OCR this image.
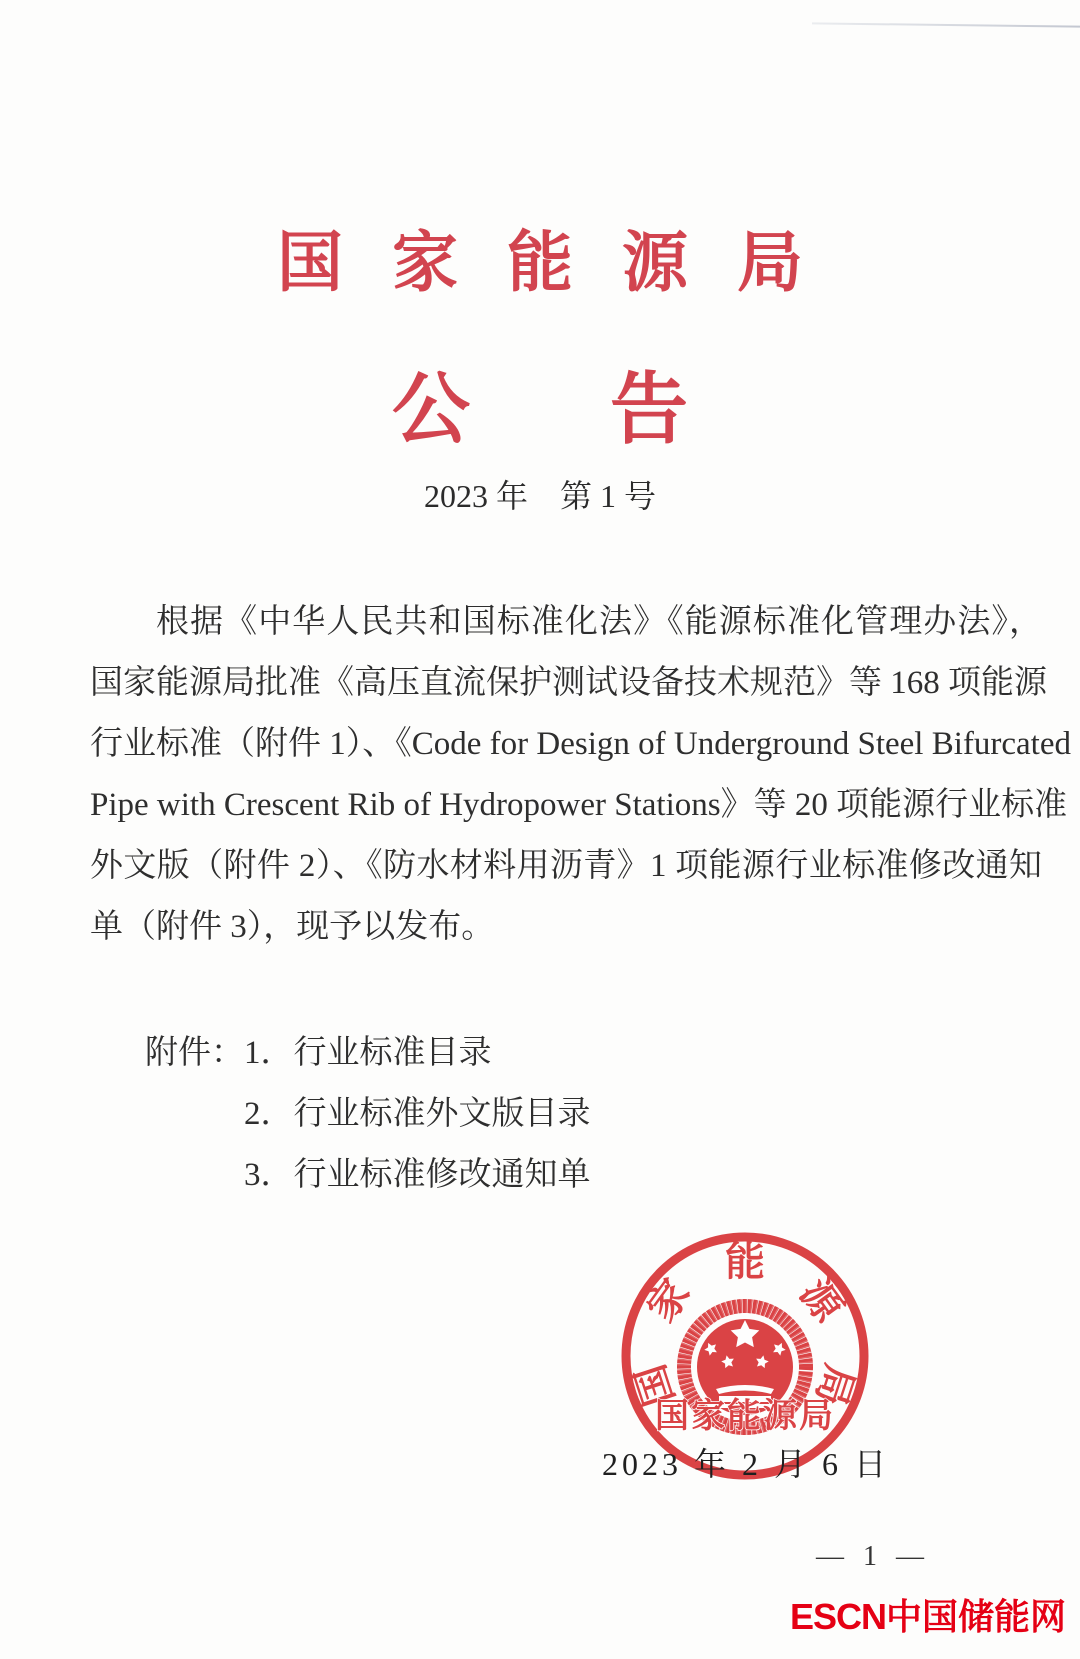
国家能源局
公告
2023 年　第 1 号
根据《中华人民共和国标准化法》《能源标准化管理办法》，
国家能源局批准《高压直流保护测试设备技术规范》等 168 项能源
行业标准（附件 1）、《Code for Design of Underground Steel Bifurcated
Pipe with Crescent Rib of Hydropower Stations》等 20 项能源行业标准
外文版（附件 2）、《防水材料用沥青》1 项能源行业标准修改通知
单（附件 3），现予以发布。
附件： 1．行业标准目录
2．行业标准外文版目录
3．行业标准修改通知单
国
家
能
源
局
国家能源局
2023 年 2 月 6 日
— 1 —
ESCN中国储能网
